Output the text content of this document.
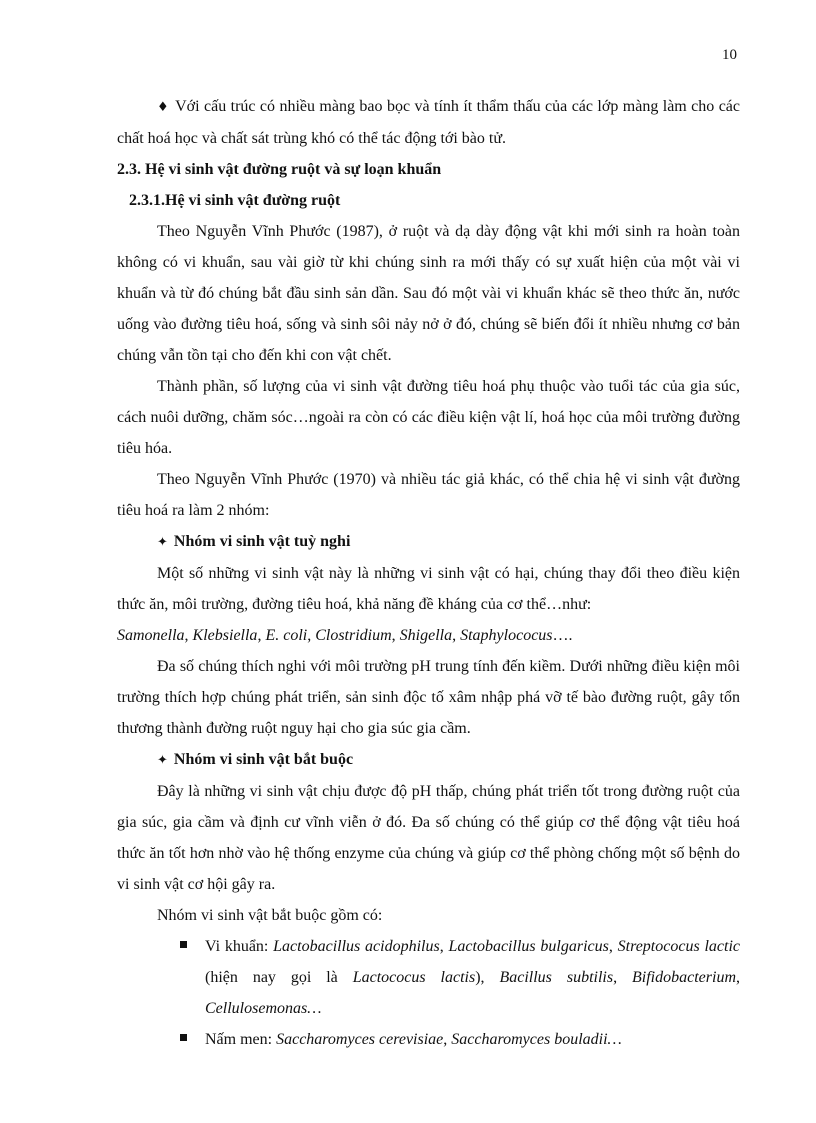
10

♦ Với cấu trúc có nhiều màng bao bọc và tính ít thẩm thấu của các lớp màng làm cho các chất hoá học và chất sát trùng khó có thể tác động tới bào tử.

2.3. Hệ vi sinh vật đường ruột và sự loạn khuẩn
2.3.1.Hệ vi sinh vật đường ruột

Theo Nguyễn Vĩnh Phước (1987), ở ruột và dạ dày động vật khi mới sinh ra hoàn toàn không có vi khuẩn, sau vài giờ từ khi chúng sinh ra mới thấy có sự xuất hiện của một vài vi khuẩn và từ đó chúng bắt đầu sinh sản dần. Sau đó một vài vi khuẩn khác sẽ theo thức ăn, nước uống vào đường tiêu hoá, sống và sinh sôi nảy nở ở đó, chúng sẽ biến đổi ít nhiều nhưng cơ bản chúng vẫn tồn tại cho đến khi con vật chết.

Thành phần, số lượng của vi sinh vật đường tiêu hoá phụ thuộc vào tuổi tác của gia súc, cách nuôi dưỡng, chăm sóc…ngoài ra còn có các điều kiện vật lí, hoá học của môi trường đường tiêu hóa.

Theo Nguyễn Vĩnh Phước (1970) và nhiều tác giả khác, có thể chia hệ vi sinh vật đường tiêu hoá ra làm 2 nhóm:

✦ Nhóm vi sinh vật tuỳ nghi

Một số những vi sinh vật này là những vi sinh vật có hại, chúng thay đổi theo điều kiện thức ăn, môi trường, đường tiêu hoá, khả năng đề kháng của cơ thể…như:
Samonella, Klebsiella, E. coli, Clostridium, Shigella, Staphylococus….

Đa số chúng thích nghi với môi trường pH trung tính đến kiềm. Dưới những điều kiện môi trường thích hợp chúng phát triển, sản sinh độc tố xâm nhập phá vỡ tế bào đường ruột, gây tổn thương thành đường ruột nguy hại cho gia súc gia cầm.

✦ Nhóm vi sinh vật bắt buộc

Đây là những vi sinh vật chịu được độ pH thấp, chúng phát triển tốt trong đường ruột của gia súc, gia cầm và định cư vĩnh viễn ở đó. Đa số chúng có thể giúp cơ thể động vật tiêu hoá thức ăn tốt hơn nhờ vào hệ thống enzyme của chúng và giúp cơ thể phòng chống một số bệnh do vi sinh vật cơ hội gây ra.

Nhóm vi sinh vật bắt buộc gồm có:

Vi khuẩn: Lactobacillus acidophilus, Lactobacillus bulgaricus, Streptococus lactic (hiện nay gọi là Lactococus lactis), Bacillus subtilis, Bifidobacterium, Cellulosemonas…
Nấm men: Saccharomyces cerevisiae, Saccharomyces bouladii…
